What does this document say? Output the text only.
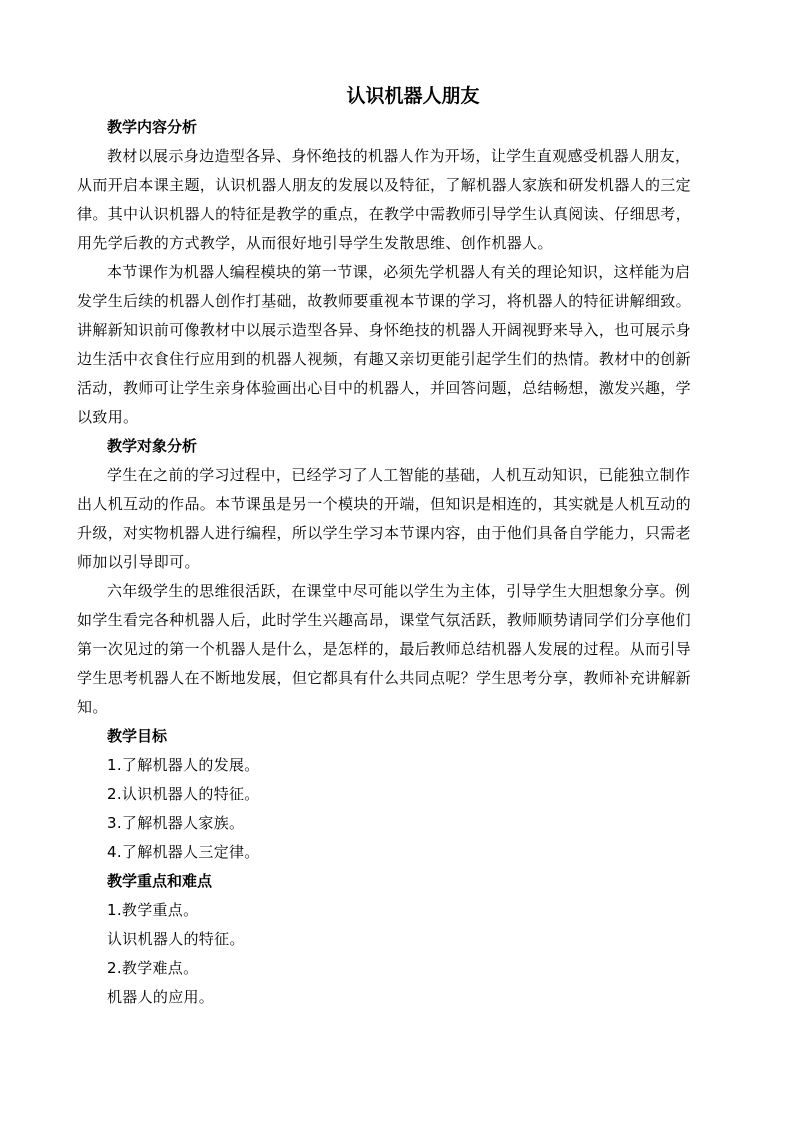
认识机器人朋友
教学内容分析
教材以展示身边造型各异、身怀绝技的机器人作为开场，让学生直观感受机器人朋友，
从而开启本课主题，认识机器人朋友的发展以及特征，了解机器人家族和研发机器人的三定
律。其中认识机器人的特征是教学的重点，在教学中需教师引导学生认真阅读、仔细思考，
用先学后教的方式教学，从而很好地引导学生发散思维、创作机器人。
本节课作为机器人编程模块的第一节课，必须先学机器人有关的理论知识，这样能为启
发学生后续的机器人创作打基础，故教师要重视本节课的学习，将机器人的特征讲解细致。
讲解新知识前可像教材中以展示造型各异、身怀绝技的机器人开阔视野来导入，也可展示身
边生活中衣食住行应用到的机器人视频，有趣又亲切更能引起学生们的热情。教材中的创新
活动，教师可让学生亲身体验画出心目中的机器人，并回答问题，总结畅想，激发兴趣，学
以致用。
教学对象分析
学生在之前的学习过程中，已经学习了人工智能的基础，人机互动知识，已能独立制作
出人机互动的作品。本节课虽是另一个模块的开端，但知识是相连的，其实就是人机互动的
升级，对实物机器人进行编程，所以学生学习本节课内容，由于他们具备自学能力，只需老
师加以引导即可。
六年级学生的思维很活跃，在课堂中尽可能以学生为主体，引导学生大胆想象分享。例
如学生看完各种机器人后，此时学生兴趣高昂，课堂气氛活跃，教师顺势请同学们分享他们
第一次见过的第一个机器人是什么，是怎样的，最后教师总结机器人发展的过程。从而引导
学生思考机器人在不断地发展，但它都具有什么共同点呢？学生思考分享，教师补充讲解新
知。
教学目标
1.了解机器人的发展。
2.认识机器人的特征。
3.了解机器人家族。
4.了解机器人三定律。
教学重点和难点
1.教学重点。
认识机器人的特征。
2.教学难点。
机器人的应用。
